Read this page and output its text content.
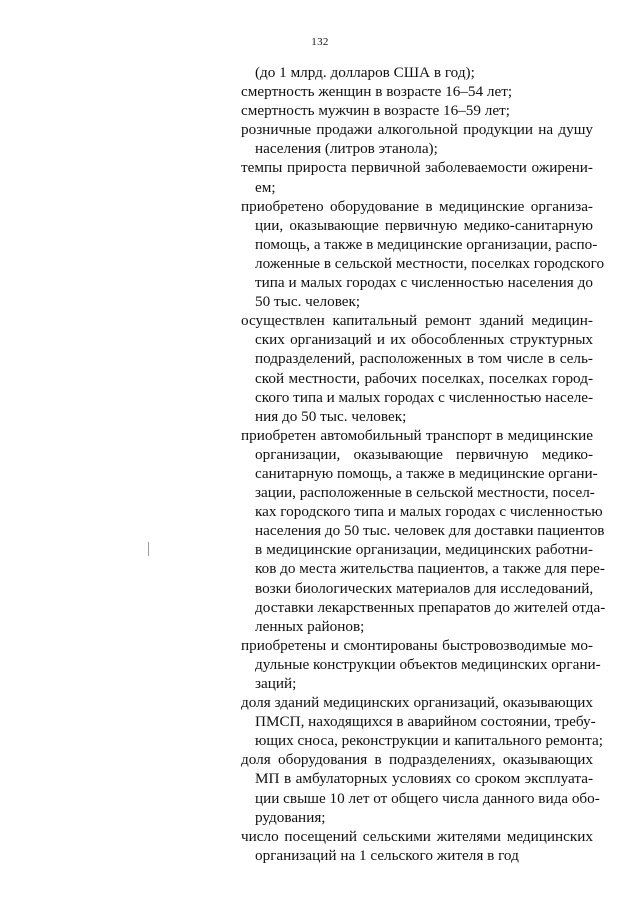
132
(до 1 млрд. долларов США в год);
смертность женщин в возрасте 16–54 лет;
смертность мужчин в возрасте 16–59 лет;
розничные продажи алкогольной продукции на душу
населения (литров этанола);
темпы прироста первичной заболеваемости ожирени-
ем;
приобретено оборудование в медицинские организа-
ции, оказывающие первичную медико-санитарную
помощь, а также в медицинские организации, распо-
ложенные в сельской местности, поселках городского
типа и малых городах с численностью населения до
50 тыс. человек;
осуществлен капитальный ремонт зданий медицин-
ских организаций и их обособленных структурных
подразделений, расположенных в том числе в сель-
ской местности, рабочих поселках, поселках город-
ского типа и малых городах с численностью населе-
ния до 50 тыс. человек;
приобретен автомобильный транспорт в медицинские
организации, оказывающие первичную медико-
санитарную помощь, а также в медицинские органи-
зации, расположенные в сельской местности, посел-
ках городского типа и малых городах с численностью
населения до 50 тыс. человек для доставки пациентов
в медицинские организации, медицинских работни-
ков до места жительства пациентов, а также для пере-
возки биологических материалов для исследований,
доставки лекарственных препаратов до жителей отда-
ленных районов;
приобретены и смонтированы быстровозводимые мо-
дульные конструкции объектов медицинских органи-
заций;
доля зданий медицинских организаций, оказывающих
ПМСП, находящихся в аварийном состоянии, требу-
ющих сноса, реконструкции и капитального ремонта;
доля оборудования в подразделениях, оказывающих
МП в амбулаторных условиях со сроком эксплуата-
ции свыше 10 лет от общего числа данного вида обо-
рудования;
число посещений сельскими жителями медицинских
организаций на 1 сельского жителя в год
